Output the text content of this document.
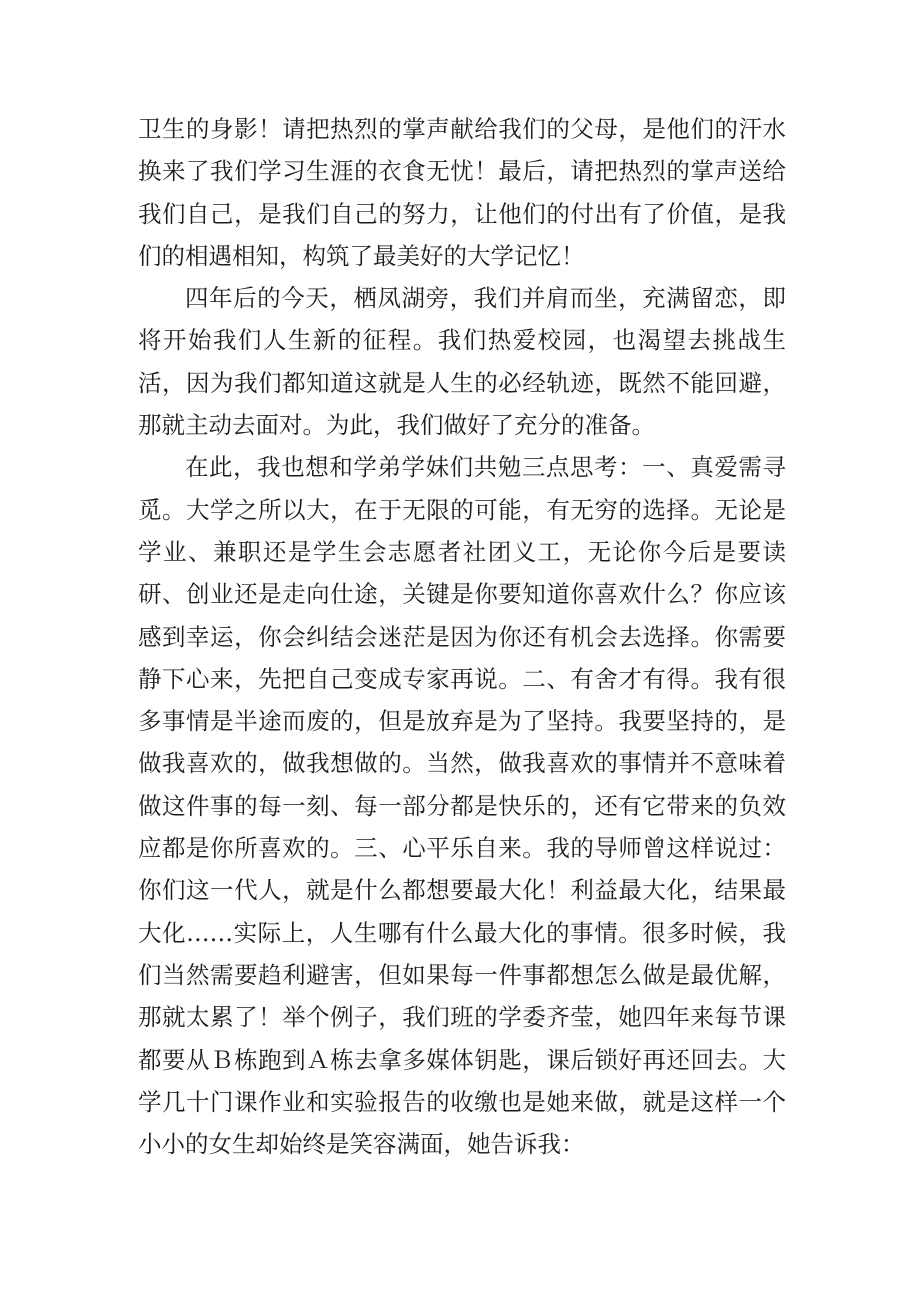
卫生的身影！请把热烈的掌声献给我们的父母，是他们的汗水换来了我们学习生涯的衣食无忧！最后，请把热烈的掌声送给我们自己，是我们自己的努力，让他们的付出有了价值，是我们的相遇相知，构筑了最美好的大学记忆！

四年后的今天，栖凤湖旁，我们并肩而坐，充满留恋，即将开始我们人生新的征程。我们热爱校园，也渴望去挑战生活，因为我们都知道这就是人生的必经轨迹，既然不能回避，那就主动去面对。为此，我们做好了充分的准备。

在此，我也想和学弟学妹们共勉三点思考：一、真爱需寻觅。大学之所以大，在于无限的可能，有无穷的选择。无论是学业、兼职还是学生会志愿者社团义工，无论你今后是要读研、创业还是走向仕途，关键是你要知道你喜欢什么？你应该感到幸运，你会纠结会迷茫是因为你还有机会去选择。你需要静下心来，先把自己变成专家再说。二、有舍才有得。我有很多事情是半途而废的，但是放弃是为了坚持。我要坚持的，是做我喜欢的，做我想做的。当然，做我喜欢的事情并不意味着做这件事的每一刻、每一部分都是快乐的，还有它带来的负效应都是你所喜欢的。三、心平乐自来。我的导师曾这样说过：你们这一代人，就是什么都想要最大化！利益最大化，结果最大化……实际上，人生哪有什么最大化的事情。很多时候，我们当然需要趋利避害，但如果每一件事都想怎么做是最优解，那就太累了！举个例子，我们班的学委齐莹，她四年来每节课都要从Ｂ栋跑到Ａ栋去拿多媒体钥匙，课后锁好再还回去。大学几十门课作业和实验报告的收缴也是她来做，就是这样一个小小的女生却始终是笑容满面，她告诉我：
